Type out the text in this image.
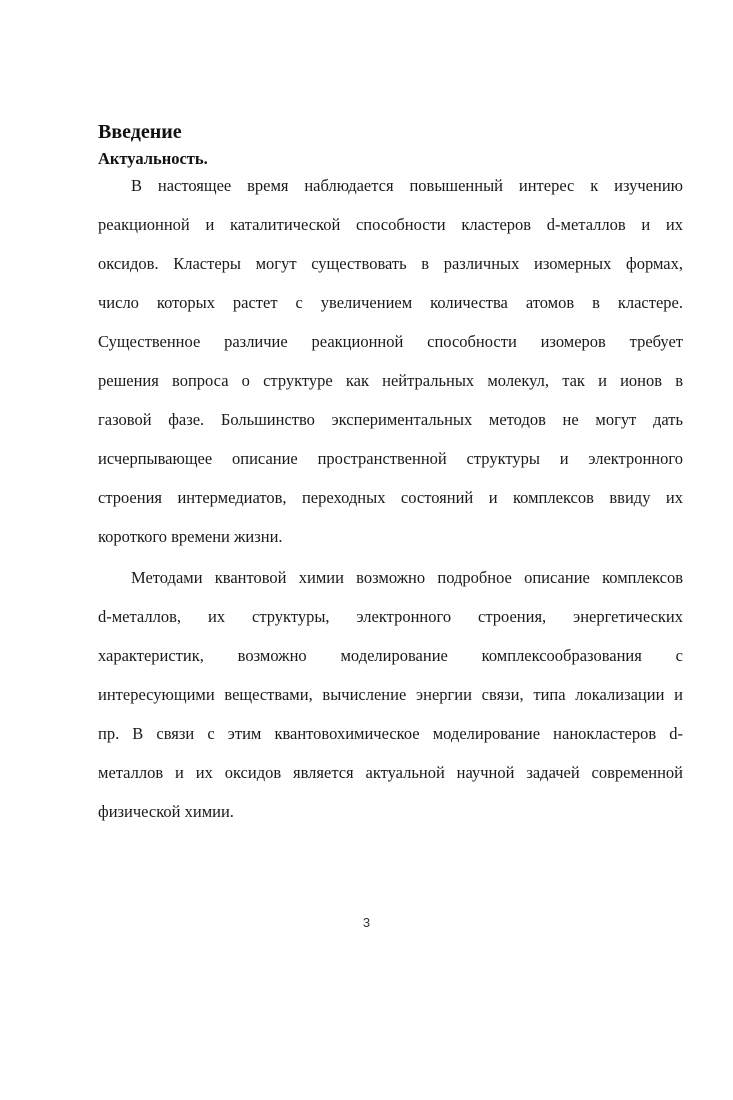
Введение
Актуальность.
В настоящее время наблюдается повышенный интерес к изучению
реакционной и каталитической способности кластеров d-металлов и их
оксидов. Кластеры могут существовать в различных изомерных формах,
число которых растет с увеличением количества атомов в кластере.
Существенное различие реакционной способности изомеров требует
решения вопроса о структуре как нейтральных молекул, так и ионов в
газовой фазе. Большинство экспериментальных методов не могут дать
исчерпывающее описание пространственной структуры и электронного
строения интермедиатов, переходных состояний и комплексов ввиду их
короткого времени жизни.
Методами квантовой химии возможно подробное описание комплексов
d-металлов, их структуры, электронного строения, энергетических
характеристик, возможно моделирование комплексообразования с
интересующими веществами, вычисление энергии связи, типа локализации и
пр. В связи с этим квантовохимическое моделирование нанокластеров d-
металлов и их оксидов является актуальной научной задачей современной
физической химии.
3
